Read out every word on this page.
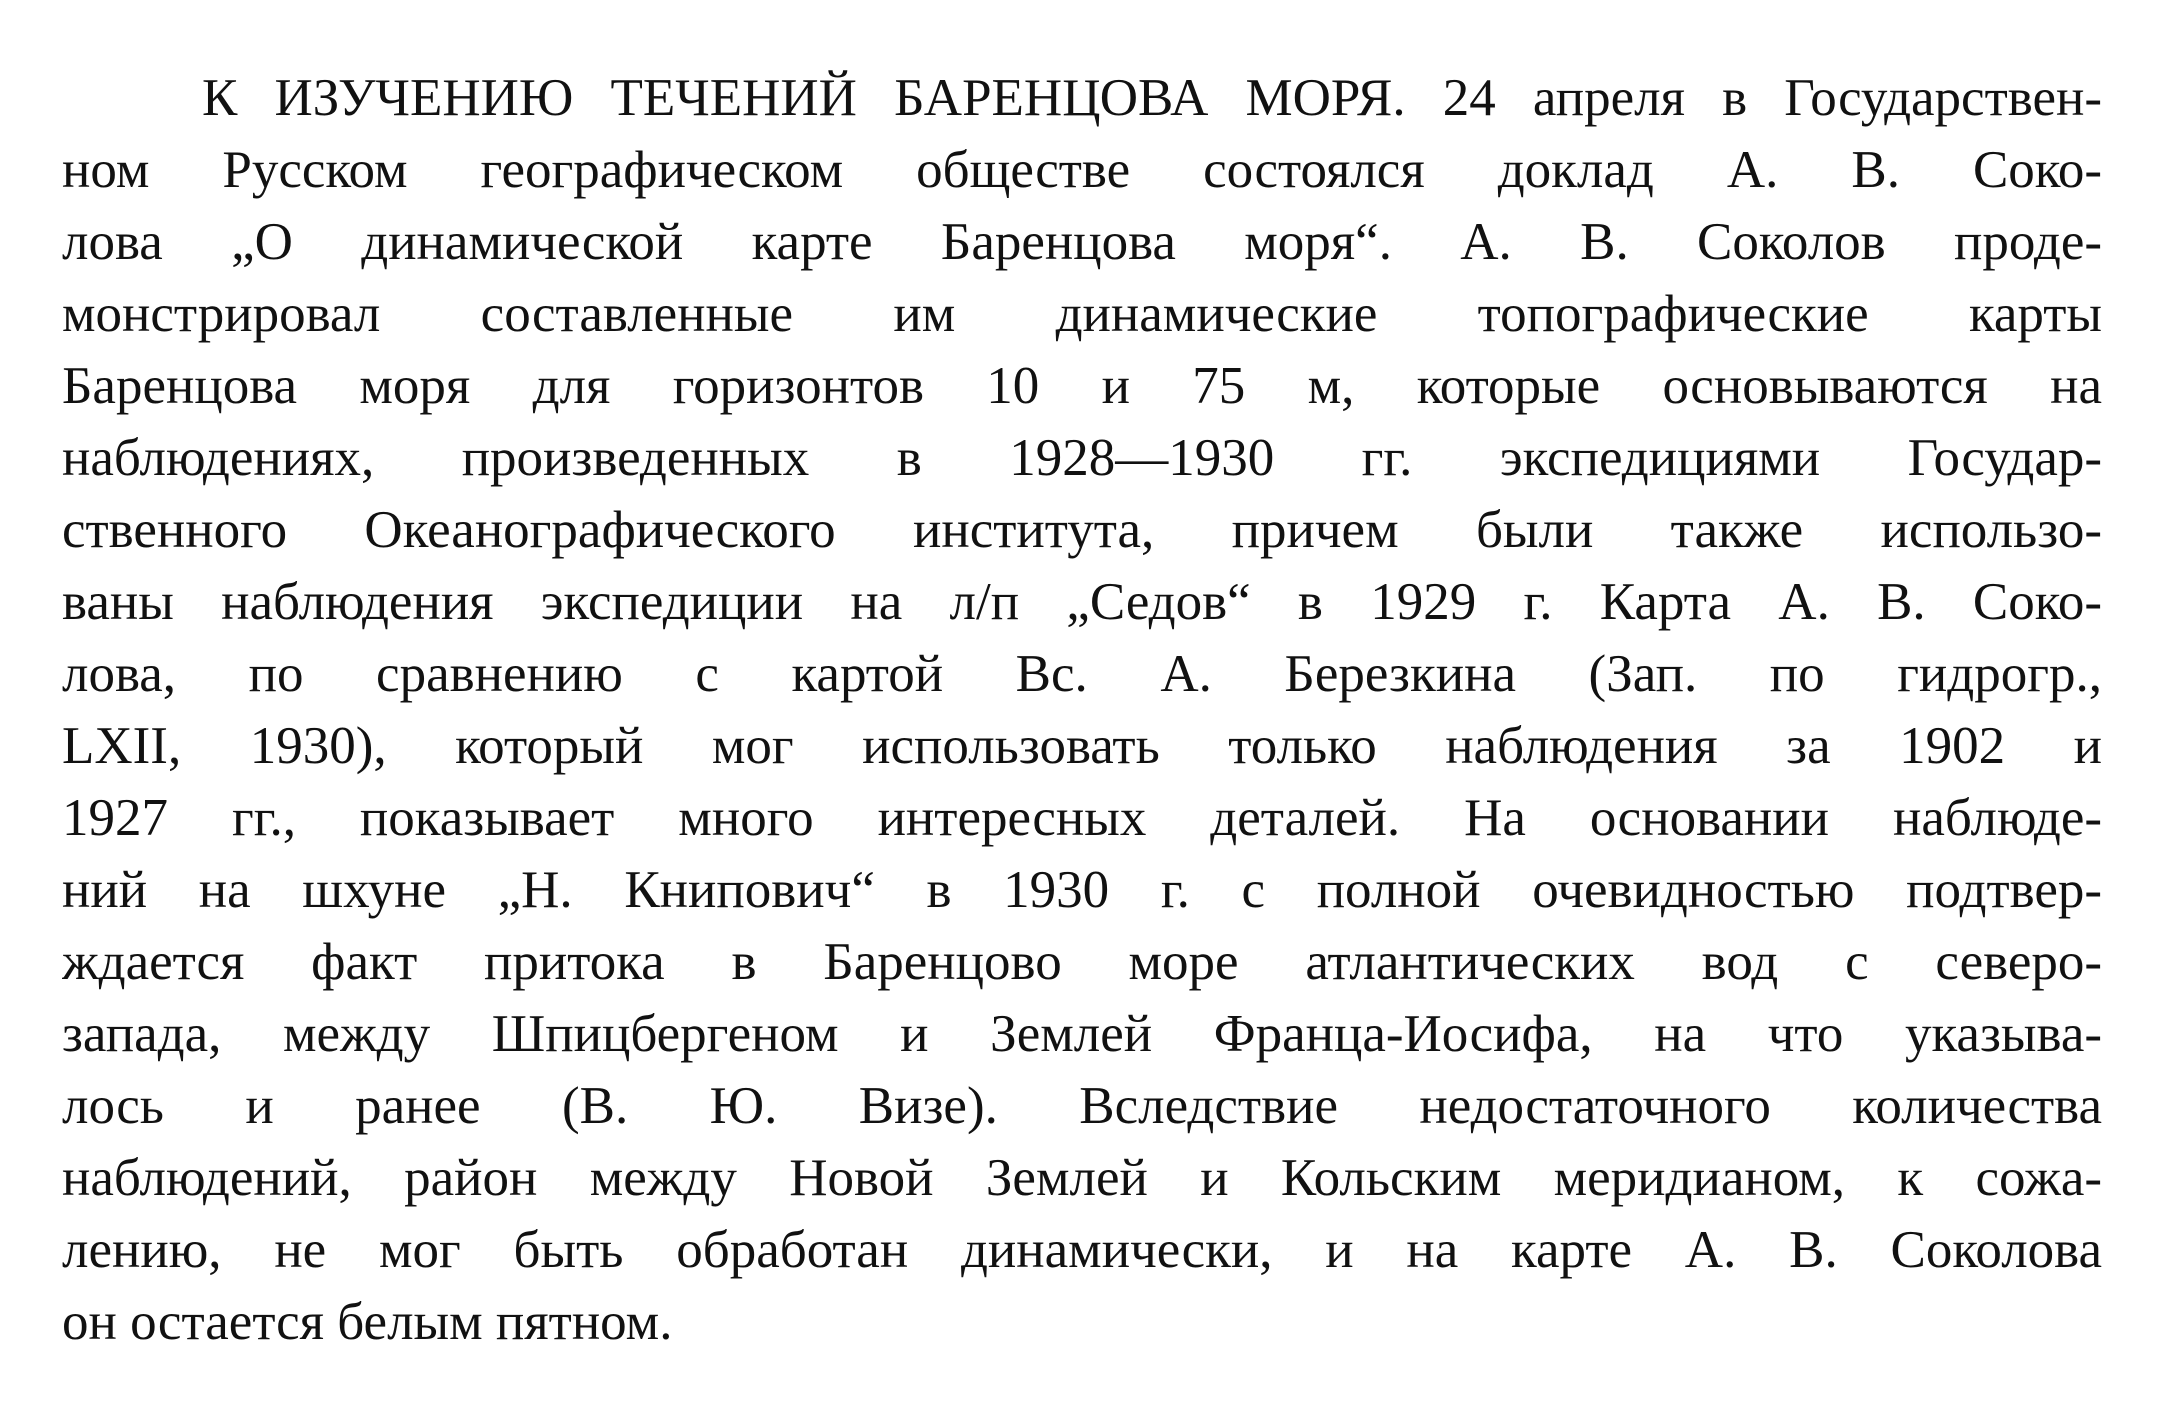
К ИЗУЧЕНИЮ ТЕЧЕНИЙ БАРЕНЦОВА МОРЯ. 24 апреля в Государствен-
ном Русском географическом обществе состоялся доклад А. В. Соко-
лова „О динамической карте Баренцова моря“. А. В. Соколов проде-
монстрировал составленные им динамические топографические карты
Баренцова моря для горизонтов 10 и 75 м, которые основываются на
наблюдениях, произведенных в 1928—1930 гг. экспедициями Государ-
ственного Океанографического института, причем были также использо-
ваны наблюдения экспедиции на л/п „Седов“ в 1929 г. Карта А. В. Соко-
лова, по сравнению с картой Вс. А. Березкина (Зап. по гидрогр.,
LXII, 1930), который мог использовать только наблюдения за 1902 и
1927 гг., показывает много интересных деталей. На основании наблюде-
ний на шхуне „Н. Книпович“ в 1930 г. с полной очевидностью подтвер-
ждается факт притока в Баренцово море атлантических вод с северо-
запада, между Шпицбергеном и Землей Франца-Иосифа, на что указыва-
лось и ранее (В. Ю. Визе). Вследствие недостаточного количества
наблюдений, район между Новой Землей и Кольским меридианом, к сожа-
лению, не мог быть обработан динамически, и на карте А. В. Соколова
он остается белым пятном.
